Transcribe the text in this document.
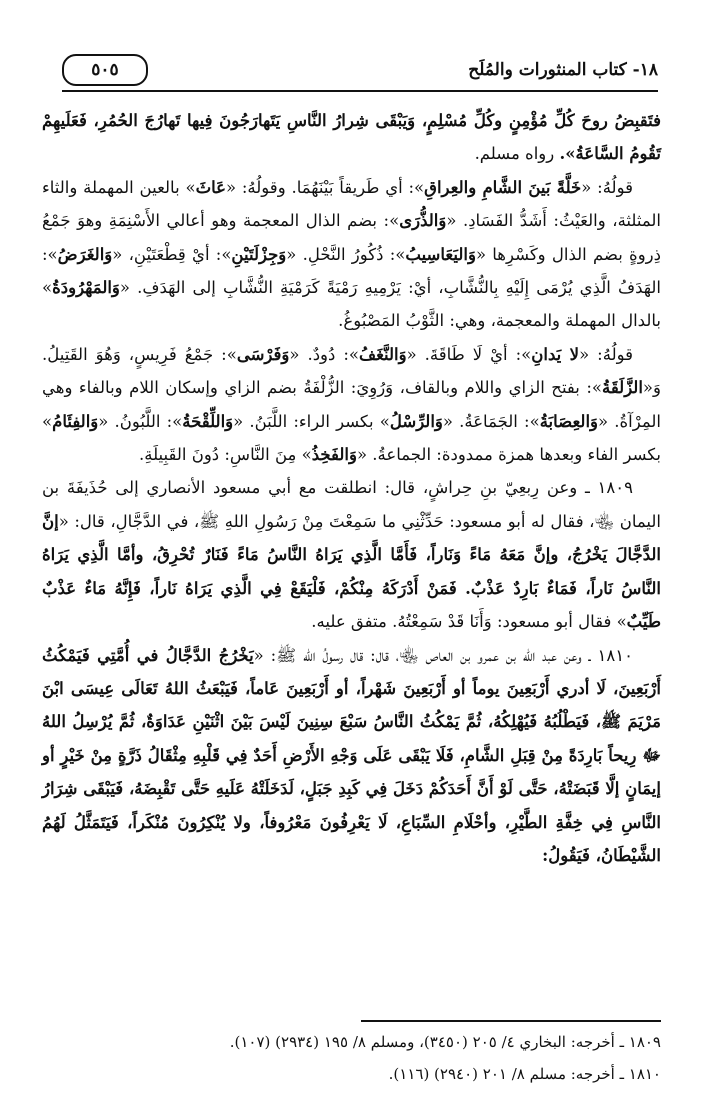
١٨- كتاب المنثورات والمُلَح
٥٠٥

فتَقبِضُ روحَ كُلِّ مُؤْمِنٍ وكُلِّ مُسْلِمٍ، وَيَبْقَى شِرارُ النَّاسِ يَتَهارَجُونَ فِيها تَهارُجَ الحُمُرِ، فَعَلَيهِمْ تَقُومُ السَّاعَةُ». رواه مسلم.

قولُهُ: «خَلَّةً بَينَ الشَّامِ والعِراقِ»: أي طَريقاً بَيْنَهُمَا. وقولُهُ: «عَاثَ» بالعين المهملة والثاء المثلثة، والعَيْثُ: أَشَدُّ الفَسَادِ. «وَالذُّرَى»: بضم الذال المعجمة وهو أعالي الأَسْنِمَةِ وهوَ جَمْعُ ذِروةٍ بضم الذال وكَسْرِها «وَاليَعَاسِيبُ»: ذُكُورُ النَّحْلِ. «وَجِزْلَتَيْنِ»: أيْ قِطْعَتَيْنِ، «وَالغَرَضُ»: الهَدَفُ الَّذِي يُرْمَى إِلَيْهِ بِالنُّشَّابِ، أيْ: يَرْمِيهِ رَمْيَةً كَرَمْيَةِ النُّشَّابِ إلى الهَدَفِ. «وَالمَهْرُودَةُ» بالدال المهملة والمعجمة، وهي: الثَّوْبُ المَصْبُوغُ.

قولُهُ: «لا يَدانِ»: أيْ لَا طَاقَةَ. «وَالنَّغَفُ»: دُودٌ. «وَفَرْسَى»: جَمْعُ فَرِيسٍ، وَهُوَ القَتِيلُ. وَ«الزَّلَقَةُ»: بفتح الزاي واللام وبالقاف، وَرُوِيَ: الزُّلْفَةُ بضم الزاي وإسكان اللام وبالفاء وهي المِرْآةُ. «وَالعِصَابَةُ»: الجَمَاعَةُ. «وَالرِّسْلُ» بكسر الراء: اللَّبَنُ. «وَاللِّقْحَةُ»: اللَّبُونُ. «وَالفِئَامُ» بكسر الفاء وبعدها همزة ممدودة: الجماعةُ. «وَالفَخِذُ» مِنَ النَّاسِ: دُونَ القَبِيلَةِ.

١٨٠٩ ـ وعن رِبعِيّ بنِ حِراشٍ، قال: انطلقت مع أبي مسعود الأنصاري إلى حُذَيفَةَ بن اليمان ﵄، فقال له أبو مسعود: حَدِّثْنِي ما سَمِعْتَ مِنْ رَسُولِ اللهِ ﷺ، في الدَّجَّالِ، قال: «إنَّ الدَّجَّالَ يَخْرُجُ، وإنَّ مَعَهُ مَاءً وَنَاراً، فَأَمَّا الَّذِي يَرَاهُ النَّاسُ مَاءً فَنَارٌ تُحْرِقُ، وأمَّا الَّذِي يَرَاهُ النَّاسُ نَاراً، فَمَاءٌ بَارِدٌ عَذْبٌ. فَمَنْ أَدْرَكَهُ مِنْكُمْ، فَلْيَقَعْ فِي الَّذِي يَرَاهُ نَاراً، فَإِنَّهُ مَاءٌ عَذْبٌ طَيِّبٌ» فقال أبو مسعود: وَأَنَا قَدْ سَمِعْتُهُ. متفق عليه.

١٨١٠ ـ وعن عبد الله بن عمرو بن العاص ﵄، قال: قال رسولُ الله ﷺ: «يَخْرُجُ الدَّجَّالُ في أُمَّتِي فَيَمْكُثُ أَرْبَعِينَ، لَا أدري أَرْبَعِينَ يوماً أو أَرْبَعِينَ شَهْراً، أو أَرْبَعِينَ عَاماً، فَيَبْعَثُ اللهُ تَعَالَى عِيسَى ابْنَ مَرْيَمَ ﷺ، فَيَطْلُبُهُ فَيُهْلِكُهُ، ثُمَّ يَمْكُثُ النَّاسُ سَبْعَ سِنِينَ لَيْسَ بَيْنَ اثْنَيْنِ عَدَاوَةٌ، ثُمَّ يُرْسِلُ اللهُ ﷻ رِيحاً بَارِدَةً مِنْ قِبَلِ الشَّامِ، فَلَا يَبْقَى عَلَى وَجْهِ الأَرْضِ أَحَدٌ فِي قَلْبِهِ مِثْقَالُ ذَرَّةٍ مِنْ خَيْرٍ أو إيمَانٍ إلَّا قَبَضَتْهُ، حَتَّى لَوْ أَنَّ أَحَدَكُمْ دَخَلَ فِي كَبِدِ جَبَلٍ، لَدَخَلَتْهُ عَلَيهِ حَتَّى تَقْبِضَهُ، فَيَبْقَى شِرَارُ النَّاسِ فِي خِفَّةِ الطَّيْرِ، وأحْلَامِ السِّبَاعِ، لَا يَعْرِفُونَ مَعْرُوفاً، ولا يُنْكِرُونَ مُنْكَراً، فَيَتَمَثَّلُ لَهُمُ الشَّيْطَانُ، فَيَقُولُ:

١٨٠٩ ـ أخرجه: البخاري ٤/ ٢٠٥ (٣٤٥٠)، ومسلم ٨/ ١٩٥ (٢٩٣٤) (١٠٧).

١٨١٠ ـ أخرجه: مسلم ٨/ ٢٠١ (٢٩٤٠) (١١٦).
